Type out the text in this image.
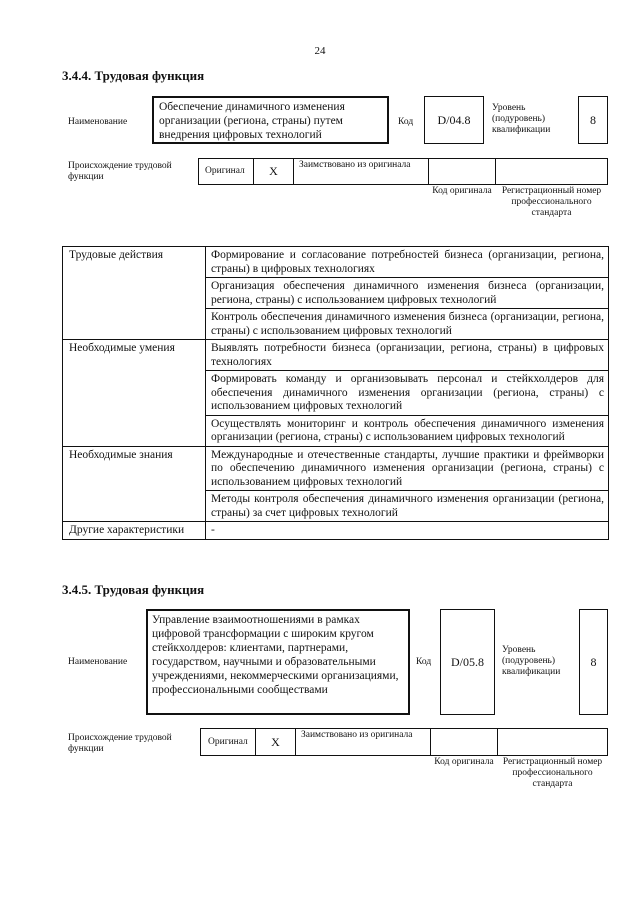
24
3.4.4. Трудовая функция
Наименование
Обеспечение динамичного изменения организации (региона, страны) путем внедрения цифровых технологий
Код	D/04.8
Уровень (подуровень) квалификации
8
Происхождение трудовой функции
Оригинал	X	Заимствовано из оригинала
Код оригинала	Регистрационный номер профессионального стандарта
Трудовые действия	Формирование и согласование потребностей бизнеса (организации, региона, страны) в цифровых технологиях
	Организация обеспечения динамичного изменения бизнеса (организации, региона, страны) с использованием цифровых технологий
	Контроль обеспечения динамичного изменения бизнеса (организации, региона, страны) с использованием цифровых технологий
Необходимые умения	Выявлять потребности бизнеса (организации, региона, страны) в цифровых технологиях
	Формировать команду и организовывать персонал и стейкхолдеров для обеспечения динамичного изменения организации (региона, страны) с использованием цифровых технологий
	Осуществлять мониторинг и контроль обеспечения динамичного изменения организации (региона, страны) с использованием цифровых технологий
Необходимые знания	Международные и отечественные стандарты, лучшие практики и фреймворки по обеспечению динамичного изменения организации (региона, страны) с использованием цифровых технологий
	Методы контроля обеспечения динамичного изменения организации (региона, страны) за счет цифровых технологий
Другие характеристики	-
3.4.5. Трудовая функция
Наименование
Управление взаимоотношениями в рамках цифровой трансформации с широким кругом стейкхолдеров: клиентами, партнерами, государством, научными и образовательными учреждениями, некоммерческими организациями, профессиональными сообществами
Код	D/05.8
Уровень (подуровень) квалификации
8
Происхождение трудовой функции
Оригинал	X	Заимствовано из оригинала
Код оригинала Регистрационный номер профессионального стандарта
